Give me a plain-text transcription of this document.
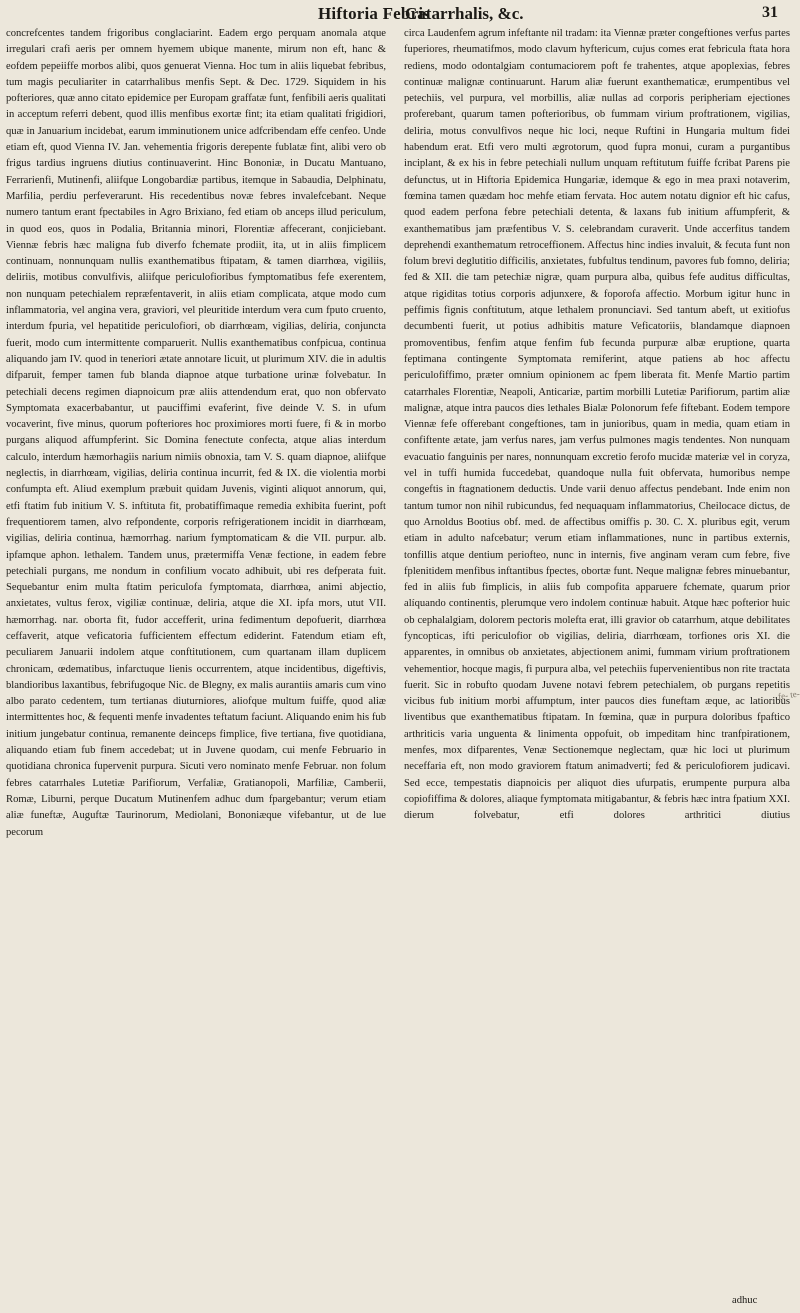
Hiftoria Febris
Catarrhalis, &c.	31

concrefcentes tandem frigoribus conglaciarint. Eadem ergo perquam anomala atque irregulari crafi aeris per omnem hyemem ubique manente, mirum non eft, hanc & eofdem pepeiiffe morbos alibi, quos genuerat Vienna. Hoc tum in aliis liquebat febribus, tum magis peculiariter in catarrhalibus menfis Sept. & Dec. 1729. Siquidem in his pofteriores, quæ anno citato epidemice per Europam graffatæ funt, fenfibili aeris qualitati in acceptum referri debent, quod illis menfibus exortæ fint; ita etiam qualitati frigidiori, quæ in Januarium incidebat, earum imminutionem unice adfcribendam effe cenfeo. Unde etiam eft, quod Vienna IV. Jan. vehementia frigoris derepente fublatæ fint, alibi vero ob frigus tardius ingruens diutius continuaverint. Hinc Bononiæ, in Ducatu Mantuano, Ferrarienfi, Mutinenfi, aliifque Longobardiæ partibus, itemque in Sabaudia, Delphinatu, Marfilia, perdiu perfeverarunt. His recedentibus novæ febres invalefcebant. Neque numero tantum erant fpectabiles in Agro Brixiano, fed etiam ob anceps illud periculum, in quod eos, quos in Podalia, Britannia minori, Florentiæ affecerant, conjiciebant. Viennæ febris hæc maligna fub diverfo fchemate prodiit, ita, ut in aliis fimplicem continuam, nonnunquam nullis exanthematibus ftipatam, & tamen diarrhœa, vigiliis, deliriis, motibus convulfivis, aliifque periculofioribus fymptomatibus fefe exerentem, non nunquam petechialem repræfentaverit, in aliis etiam complicata, atque modo cum inflammatoria, vel angina vera, graviori, vel pleuritide interdum vera cum fputo cruento, interdum fpuria, vel hepatitide periculofiori, ob diarrhœam, vigilias, delíria, conjuncta fuerit, modo cum intermittente comparuerit. Nullis exanthematibus confpicua, continua aliquando jam IV. quod in teneriori ætate annotare licuit, ut plurimum XIV. die in adultis difparuit, femper tamen fub blanda diapnoe atque turbatione urinæ folvebatur. In petechiali decens regimen diapnoicum præ aliis attendendum erat, quo non obfervato Symptomata exacerbabantur, ut pauciffimi evaferint, five deinde V. S. in ufum vocaverint, five minus, quorum pofteriores hoc proximiores morti fuere, fi & in morbo purgans aliquod affumpferint. Sic Domina fenectute confecta, atque alias interdum calculo, interdum hæmorhagiis narium nimiis obnoxia, tam V. S. quam diapnoe, aliifque neglectis, in diarrhœam, vigilias, deliria continua incurrit, fed & IX. die violentia morbi confumpta eft. Aliud exemplum præbuit quidam Juvenis, viginti aliquot annorum, qui, etfi ftatim fub initium V. S. inftituta fit, probatiffimaque remedia exhibita fuerint, poft frequentiorem tamen, alvo refpondente, corporis refrigerationem incidit in diarrhœam, vigilias, deliria continua, hæmorrhag. narium fymptomaticam & die VII. purpur. alb. ipfamque aphon. lethalem. Tandem unus, prætermiffa Venæ fectione, in eadem febre petechiali purgans, me nondum in confilium vocato adhibuit, ubi res defperata fuit. Sequebantur enim multa ftatim periculofa fymptomata, diarrhœa, animi abjectio, anxietates, vultus ferox, vigiliæ continuæ, deliria, atque die XI. ipfa mors, utut VII. hæmorrhag. nar. oborta fit, fudor accefferit, urina fedimentum depofuerit, diarrhœa ceffaverit, atque veficatoria fufficientem effectum ediderint. Fatendum etiam eft, peculiarem Januarii indolem atque conftitutionem, cum quartanam illam duplicem chronicam, œdematibus, infarctuque lienis occurrentem, atque incidentibus, digeftivis, blandioribus laxantibus, febrifugoque Nic. de Blegny, ex malis aurantiis amaris cum vino albo parato cedentem, tum tertianas diuturniores, aliofque multum fuiffe, quod aliæ intermittentes hoc, & fequenti menfe invadentes teftatum faciunt. Aliquando enim his fub initium jungebatur continua, remanente deinceps fimplice, five tertiana, five quotidiana, aliquando etiam fub finem accedebat; ut in Juvene quodam, cui menfe Februario in quotidiana chronica fupervenit purpura. Sicuti vero nominato menfe Februar. non folum febres catarrhales Lutetiæ Parifiorum, Verfaliæ, Gratianopoli, Marfiliæ, Camberii, Romæ, Liburni, perque Ducatum Mutinenfem adhuc dum fpargebantur; verum etiam aliæ funeftæ, Auguftæ Taurinorum, Mediolani, Bononiæque vifebantur, ut de lue pecorum

circa Laudenfem agrum infeftante nil tradam: ita Viennæ præter congeftiones verfus partes fuperiores, rheumatifmos, modo clavum hyftericum, cujus comes erat febricula ftata hora rediens, modo odontalgiam contumaciorem poft fe trahentes, atque apoplexias, febres continuæ malignæ continuarunt. Harum aliæ fuerunt exanthematicæ, erumpentibus vel petechiis, vel purpura, vel morbillis, aliæ nullas ad corporis peripheriam ejectiones proferebant, quarum tamen pofterioribus, ob fummam virium proftrationem, vigilias, deliria, motus convulfivos neque hic loci, neque Ruftini in Hungaria multum fidei habendum erat. Etfi vero multi ægrotorum, quod fupra monui, curam a purgantibus inciplant, & ex his in febre petechiali nullum unquam reftitutum fuiffe fcribat Parens pie defunctus, ut in Hiftoria Epidemica Hungariæ, idemque & ego in mea praxi notaverim, fœmina tamen quædam hoc mehfe etiam fervata. Hoc autem notatu dignior eft hic cafus, quod eadem perfona febre petechiali detenta, & laxans fub initium affumpferit, & exanthematibus jam præfentibus V. S. celebrandam curaverit. Unde accerfitus tandem deprehendi exanthematum retroceffionem. Affectus hinc indies invaluit, & fecuta funt non folum brevi deglutitio difficilis, anxietates, fubfultus tendinum, pavores fub fomno, deliria; fed & XII. die tam petechiæ nigræ, quam purpura alba, quibus fefe auditus difficultas, atque rigiditas totius corporis adjunxere, & foporofa affectio. Morbum igitur hunc in peffimis fignis conftitutum, atque lethalem pronunciavi. Sed tantum abeft, ut exitiofus decumbenti fuerit, ut potius adhibitis mature Veficatoriis, blandamque diapnoen promoventibus, fenfim atque fenfim fub fecunda purpuræ albæ eruptione, quarta feptimana contingente Symptomata remiferint, atque patiens ab hoc affectu periculofiffimo, præter omnium opinionem ac fpem liberata fit. Menfe Martio partim catarrhales Florentiæ, Neapoli, Anticariæ, partim morbilli Lutetiæ Parifiorum, partim aliæ malignæ, atque intra paucos dies lethales Bialæ Polonorum fefe fiftebant. Eodem tempore Viennæ fefe offerebant congeftiones, tam in junioribus, quam in media, quam etiam in confiftente ætate, jam verfus nares, jam verfus pulmones magis tendentes. Non nunquam evacuatio fanguinis per nares, nonnunquam excretio ferofo mucidæ materiæ vel in coryza, vel in tuffi humida fuccedebat, quandoque nulla fuit obfervata, humoribus nempe congeftis in ftagnationem deductis. Unde varii denuo affectus pendebant. Inde enim non tantum tumor non nihil rubicundus, fed nequaquam inflammatorius, Cheilocace dictus, de quo Arnoldus Bootius obf. med. de affectibus omiffis p. 30. C. X. pluribus egit, verum etiam in adulto nafcebatur; verum etiam inflammationes, nunc in partibus externis, tonfillis atque dentium periofteo, nunc in internis, five anginam veram cum febre, five fplenitidem menfibus inftantibus fpectes, obortæ funt. Neque malignæ febres minuebantur, fed in aliis fub fimplicis, in aliis fub compofita apparuere fchemate, quarum prior alíquando continentis, plerumque vero indolem continuæ habuit. Atque hæc pofterior huic ob cephalalgiam, dolorem pectoris molefta erat, illi gravior ob catarrhum, atque debilitates fyncopticas, ifti periculofior ob vigilias, deliria, diarrhœam, torfiones oris XI. die apparentes, in omnibus ob anxietates, abjectionem animi, fummam virium proftrationem vehementior, hocque magis, fi purpura alba, vel petechiis fupervenientibus non rite tractata fuerit. Sic in robufto quodam Juvene notavi febrem petechialem, ob purgans repetitis vicibus fub initium morbi affumptum, inter paucos dies funeftam æque, ac latioribus liventibus que exanthematibus ftipatam. In fœmina, quæ in purpura doloribus fpaftico arthriticis varia unguenta & linimenta oppofuit, ob impeditam hinc tranfpirationem, menfes, mox difparentes, Venæ Sectionemque neglectam, quæ hic loci ut plurimum neceffaria eft, non modo graviorem ftatum animadverti; fed & periculofiorem judicavi. Sed ecce, tempestatis diapnoicis per aliquot dies ufurpatis, erumpente purpura alba copiofiffima & dolores, aliaque fymptomata mitigabantur, & febris hæc intra fpatium XXI. dierum folvebatur, etfi dolores arthritici diutius

fe- te-
adhuc
